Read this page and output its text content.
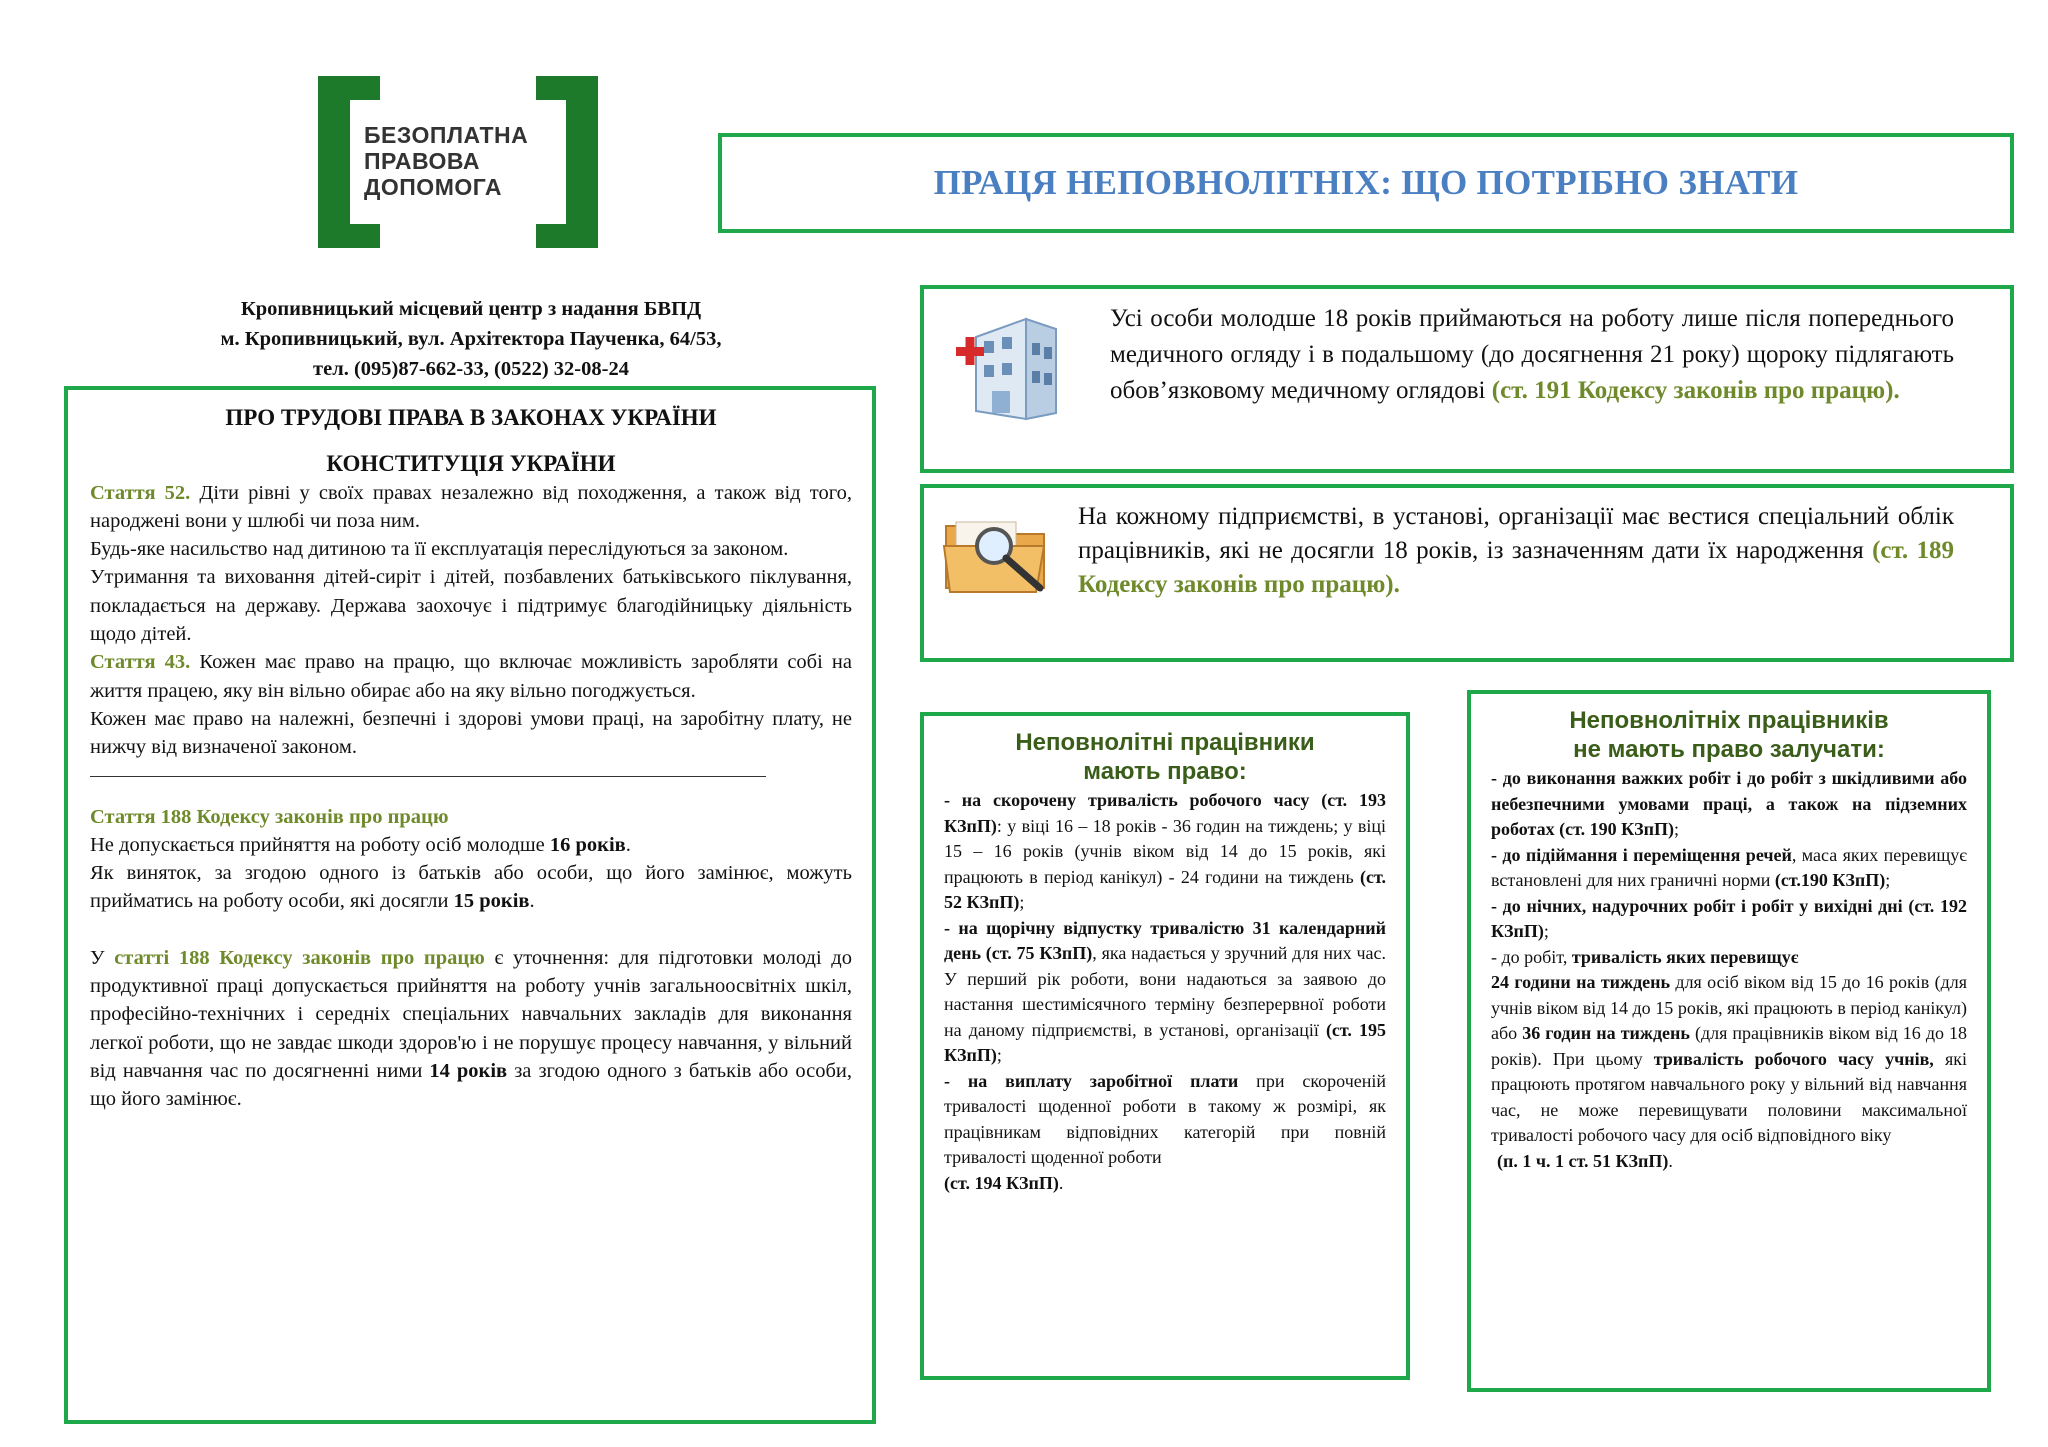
БЕЗОПЛАТНА
ПРАВОВА
ДОПОМОГА	ПРАЦЯ НЕПОВНОЛІТНІХ: ЩО ПОТРІБНО ЗНАТИ
Кропивницький місцевий центр з надання БВПД
м. Кропивницький, вул. Архітектора Паученка, 64/53,
тел. (095)87-662-33, (0522) 32-08-24
ПРО ТРУДОВІ ПРАВА В ЗАКОНАХ УКРАЇНИ
КОНСТИТУЦІЯ УКРАЇНИ

Стаття 52. Діти рівні у своїх правах незалежно від походження, а також від того, народжені вони у шлюбі чи поза ним.

Будь-яке насильство над дитиною та її експлуатація переслідуються за законом.

Утримання та виховання дітей-сиріт і дітей, позбавлених батьківського піклування, покладається на державу. Держава заохочує і підтримує благодійницьку діяльність щодо дітей.

Стаття 43. Кожен має право на працю, що включає можливість заробляти собі на життя працею, яку він вільно обирає або на яку вільно погоджується.

Кожен має право на належні, безпечні і здорові умови праці, на заробітну плату, не нижчу від визначеної законом.

Стаття 188 Кодексу законів про працю

Не допускається прийняття на роботу осіб молодше 16 років.

Як виняток, за згодою одного із батьків або особи, що його замінює, можуть прийматись на роботу особи, які досягли 15 років.

У статті 188 Кодексу законів про працю є уточнення: для підготовки молоді до продуктивної праці допускається прийняття на роботу учнів загальноосвітніх шкіл, професійно-технічних і середніх спеціальних навчальних закладів для виконання легкої роботи, що не завдає шкоди здоров'ю і не порушує процесу навчання, у вільний від навчання час по досягненні ними 14 років за згодою одного з батьків або особи, що його замінює.

Усі особи молодше 18 років приймаються на роботу лише після попереднього медичного огляду і в подальшому (до досягнення 21 року) щороку підлягають обов’язковому медичному оглядові (ст. 191 Кодексу законів про працю).
На кожному підприємстві, в установі, організації має вестися спеціальний облік працівників, які не досягли 18 років, із зазначенням дати їх народження (ст. 189 Кодексу законів про працю).
Неповнолітні працівники
мають право:

- на скорочену тривалість робочого часу (ст. 193 КЗпП): у віці 16 – 18 років - 36 годин на тиждень; у віці 15 – 16 років (учнів віком від 14 до 15 років, які працюють в період канікул) - 24 години на тиждень (ст. 52 КЗпП);

- на щорічну відпустку тривалістю 31 календарний день (ст. 75 КЗпП), яка надається у зручний для них час. У перший рік роботи, вони надаються за заявою до настання шестимісячного терміну безперервної роботи на даному підприємстві, в установі, організації (ст. 195 КЗпП);

- на виплату заробітної плати при скороченій тривалості щоденної роботи в такому ж розмірі, як працівникам відповідних категорій при повній тривалості щоденної роботи

(ст. 194 КЗпП).

Неповнолітніх працівників
не мають право залучати:

- до виконання важких робіт і до робіт з шкідливими або небезпечними умовами праці, а також на підземних роботах (ст. 190 КЗпП);

- до підіймання і переміщення речей, маса яких перевищує встановлені для них граничні норми (ст.190 КЗпП);

- до нічних, надурочних робіт і робіт у вихідні дні (ст. 192 КЗпП);

- до робіт, тривалість яких перевищує

24 години на тиждень для осіб віком від 15 до 16 років (для учнів віком від 14 до 15 років, які працюють в період канікул) або 36 годин на тиждень (для працівників віком від 16 до 18 років). При цьому тривалість робочого часу учнів, які працюють протягом навчального року у вільний від навчання час, не може перевищувати половини максимальної тривалості робочого часу для осіб відповідного віку

(п. 1 ч. 1 ст. 51 КЗпП).
